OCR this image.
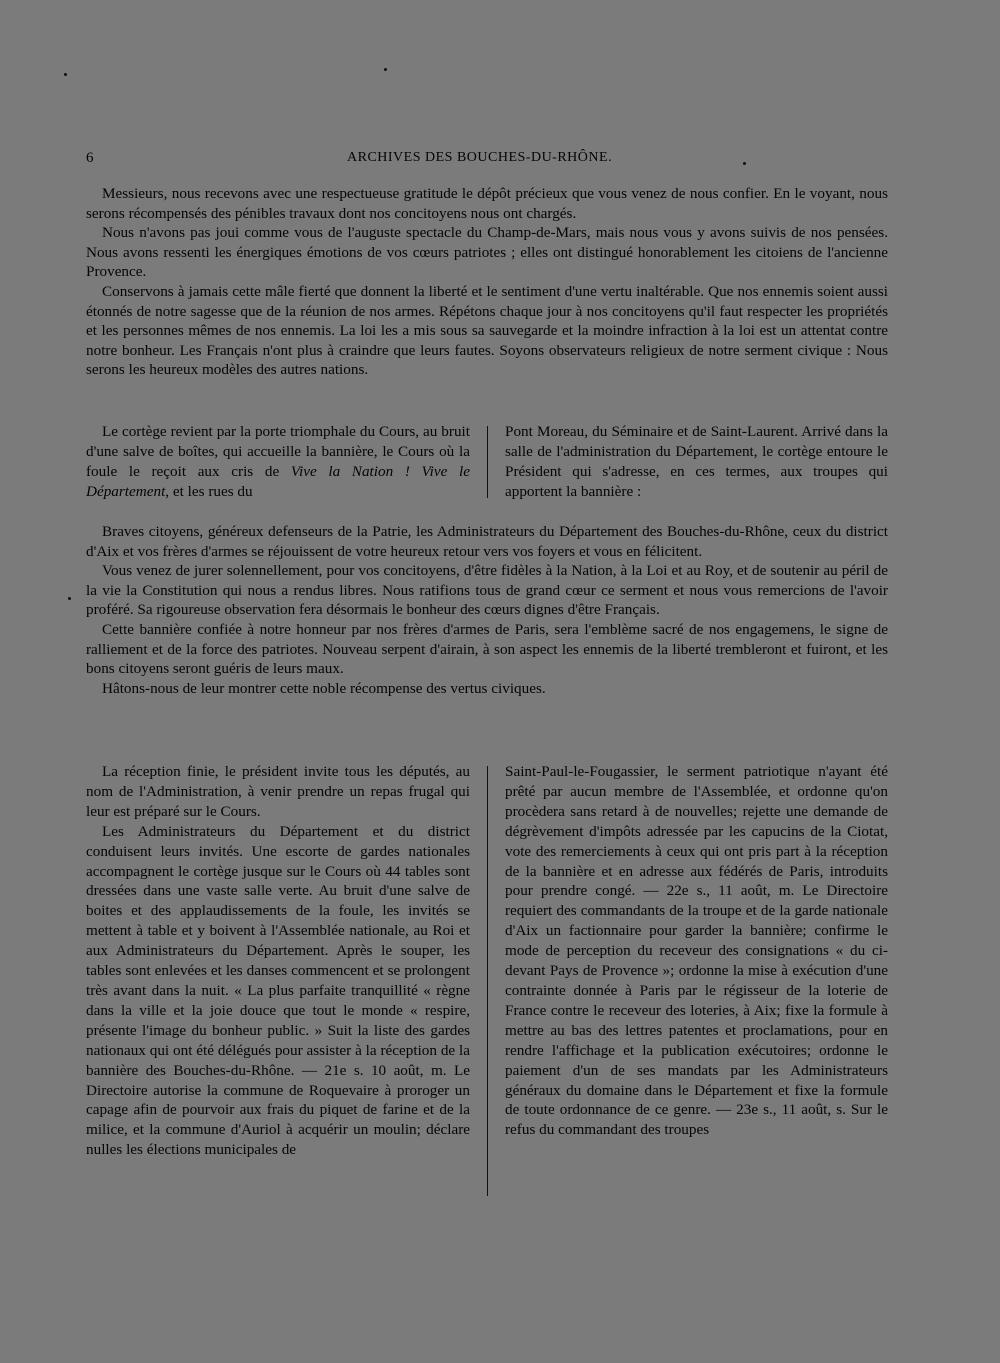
6	ARCHIVES DES BOUCHES-DU-RHÔNE.

Messieurs, nous recevons avec une respectueuse gratitude le dépôt précieux que vous venez de nous confier. En le voyant, nous serons récompensés des pénibles travaux dont nos concitoyens nous ont chargés.

Nous n'avons pas joui comme vous de l'auguste spectacle du Champ-de-Mars, mais nous vous y avons suivis de nos pensées. Nous avons ressenti les énergiques émotions de vos cœurs patriotes ; elles ont distingué honorablement les citoiens de l'ancienne Provence.

Conservons à jamais cette mâle fierté que donnent la liberté et le sentiment d'une vertu inaltérable. Que nos ennemis soient aussi étonnés de notre sagesse que de la réunion de nos armes. Répétons chaque jour à nos concitoyens qu'il faut respecter les propriétés et les personnes mêmes de nos ennemis. La loi les a mis sous sa sauvegarde et la moindre infraction à la loi est un attentat contre notre bonheur. Les Français n'ont plus à craindre que leurs fautes. Soyons observateurs religieux de notre serment civique : Nous serons les heureux modèles des autres nations.

Le cortège revient par la porte triomphale du Cours, au bruit d'une salve de boîtes, qui accueille la bannière, le Cours où la foule le reçoit aux cris de Vive la Nation ! Vive le Département, et les rues du

Pont Moreau, du Séminaire et de Saint-Laurent. Arrivé dans la salle de l'administration du Département, le cortège entoure le Président qui s'adresse, en ces termes, aux troupes qui apportent la bannière :

Braves citoyens, généreux defenseurs de la Patrie, les Administrateurs du Département des Bouches-du-Rhône, ceux du district d'Aix et vos frères d'armes se réjouissent de votre heureux retour vers vos foyers et vous en félicitent.

Vous venez de jurer solennellement, pour vos concitoyens, d'être fidèles à la Nation, à la Loi et au Roy, et de soutenir au péril de la vie la Constitution qui nous a rendus libres. Nous ratifions tous de grand cœur ce serment et nous vous remercions de l'avoir proféré. Sa rigoureuse observation fera désormais le bonheur des cœurs dignes d'être Français.

Cette bannière confiée à notre honneur par nos frères d'armes de Paris, sera l'emblème sacré de nos engagemens, le signe de ralliement et de la force des patriotes. Nouveau serpent d'airain, à son aspect les ennemis de la liberté trembleront et fuiront, et les bons citoyens seront guéris de leurs maux.

Hâtons-nous de leur montrer cette noble récompense des vertus civiques.

La réception finie, le président invite tous les députés, au nom de l'Administration, à venir prendre un repas frugal qui leur est préparé sur le Cours.

Les Administrateurs du Département et du district conduisent leurs invités. Une escorte de gardes nationales accompagnent le cortège jusque sur le Cours où 44 tables sont dressées dans une vaste salle verte. Au bruit d'une salve de boites et des applaudissements de la foule, les invités se mettent à table et y boivent à l'Assemblée nationale, au Roi et aux Administrateurs du Département. Après le souper, les tables sont enlevées et les danses commencent et se prolongent très avant dans la nuit. « La plus parfaite tranquillité « règne dans la ville et la joie douce que tout le monde « respire, présente l'image du bonheur public. » Suit la liste des gardes nationaux qui ont été délégués pour assister à la réception de la bannière des Bouches-du-Rhône. — 21e s. 10 août, m. Le Directoire autorise la commune de Roquevaire à proroger un capage afin de pourvoir aux frais du piquet de farine et de la milice, et la commune d'Auriol à acquérir un moulin; déclare nulles les élections municipales de

Saint-Paul-le-Fougassier, le serment patriotique n'ayant été prêté par aucun membre de l'Assemblée, et ordonne qu'on procèdera sans retard à de nouvelles; rejette une demande de dégrèvement d'impôts adressée par les capucins de la Ciotat, vote des remerciements à ceux qui ont pris part à la réception de la bannière et en adresse aux fédérés de Paris, introduits pour prendre congé. — 22e s., 11 août, m. Le Directoire requiert des commandants de la troupe et de la garde nationale d'Aix un factionnaire pour garder la bannière; confirme le mode de perception du receveur des consignations « du ci-devant Pays de Provence »; ordonne la mise à exécution d'une contrainte donnée à Paris par le régisseur de la loterie de France contre le receveur des loteries, à Aix; fixe la formule à mettre au bas des lettres patentes et proclamations, pour en rendre l'affichage et la publication exécutoires; ordonne le paiement d'un de ses mandats par les Administrateurs généraux du domaine dans le Département et fixe la formule de toute ordonnance de ce genre. — 23e s., 11 août, s. Sur le refus du commandant des troupes
